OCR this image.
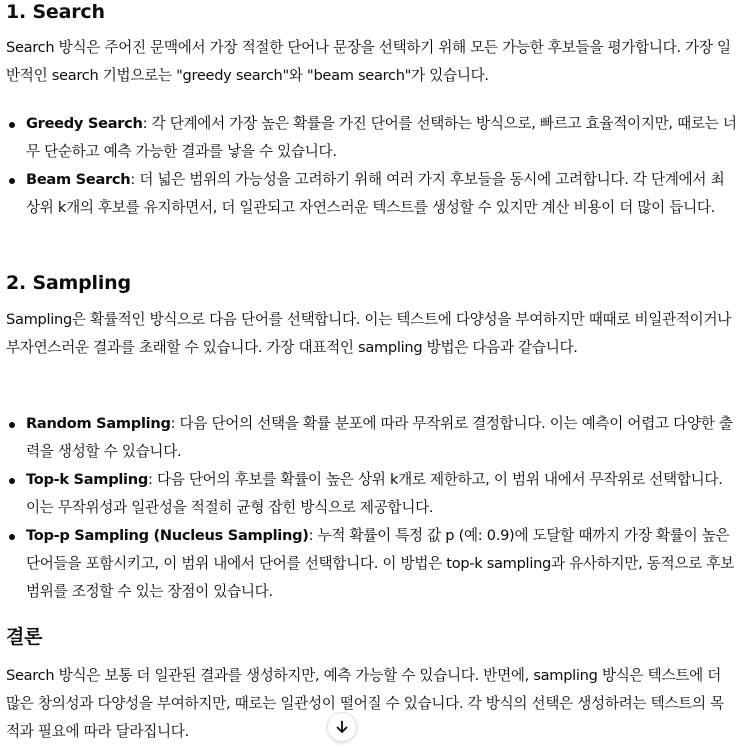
1. Search

Search 방식은 주어진 문맥에서 가장 적절한 단어나 문장을 선택하기 위해 모든 가능한 후보들을 평가합니다. 가장 일반적인 search 기법으로는 "greedy search"와 "beam search"가 있습니다.

Greedy Search: 각 단계에서 가장 높은 확률을 가진 단어를 선택하는 방식으로, 빠르고 효율적이지만, 때로는 너무 단순하고 예측 가능한 결과를 낳을 수 있습니다.
Beam Search: 더 넓은 범위의 가능성을 고려하기 위해 여러 가지 후보들을 동시에 고려합니다. 각 단계에서 최상위 k개의 후보를 유지하면서, 더 일관되고 자연스러운 텍스트를 생성할 수 있지만 계산 비용이 더 많이 듭니다.
2. Sampling

Sampling은 확률적인 방식으로 다음 단어를 선택합니다. 이는 텍스트에 다양성을 부여하지만 때때로 비일관적이거나 부자연스러운 결과를 초래할 수 있습니다. 가장 대표적인 sampling 방법은 다음과 같습니다.

Random Sampling: 다음 단어의 선택을 확률 분포에 따라 무작위로 결정합니다. 이는 예측이 어렵고 다양한 출력을 생성할 수 있습니다.
Top-k Sampling: 다음 단어의 후보를 확률이 높은 상위 k개로 제한하고, 이 범위 내에서 무작위로 선택합니다. 이는 무작위성과 일관성을 적절히 균형 잡힌 방식으로 제공합니다.
Top-p Sampling (Nucleus Sampling): 누적 확률이 특정 값 p (예: 0.9)에 도달할 때까지 가장 확률이 높은 단어들을 포함시키고, 이 범위 내에서 단어를 선택합니다. 이 방법은 top-k sampling과 유사하지만, 동적으로 후보 범위를 조정할 수 있는 장점이 있습니다.
결론

Search 방식은 보통 더 일관된 결과를 생성하지만, 예측 가능할 수 있습니다. 반면에, sampling 방식은 텍스트에 더 많은 창의성과 다양성을 부여하지만, 때로는 일관성이 떨어질 수 있습니다. 각 방식의 선택은 생성하려는 텍스트의 목적과 필요에 따라 달라집니다.
